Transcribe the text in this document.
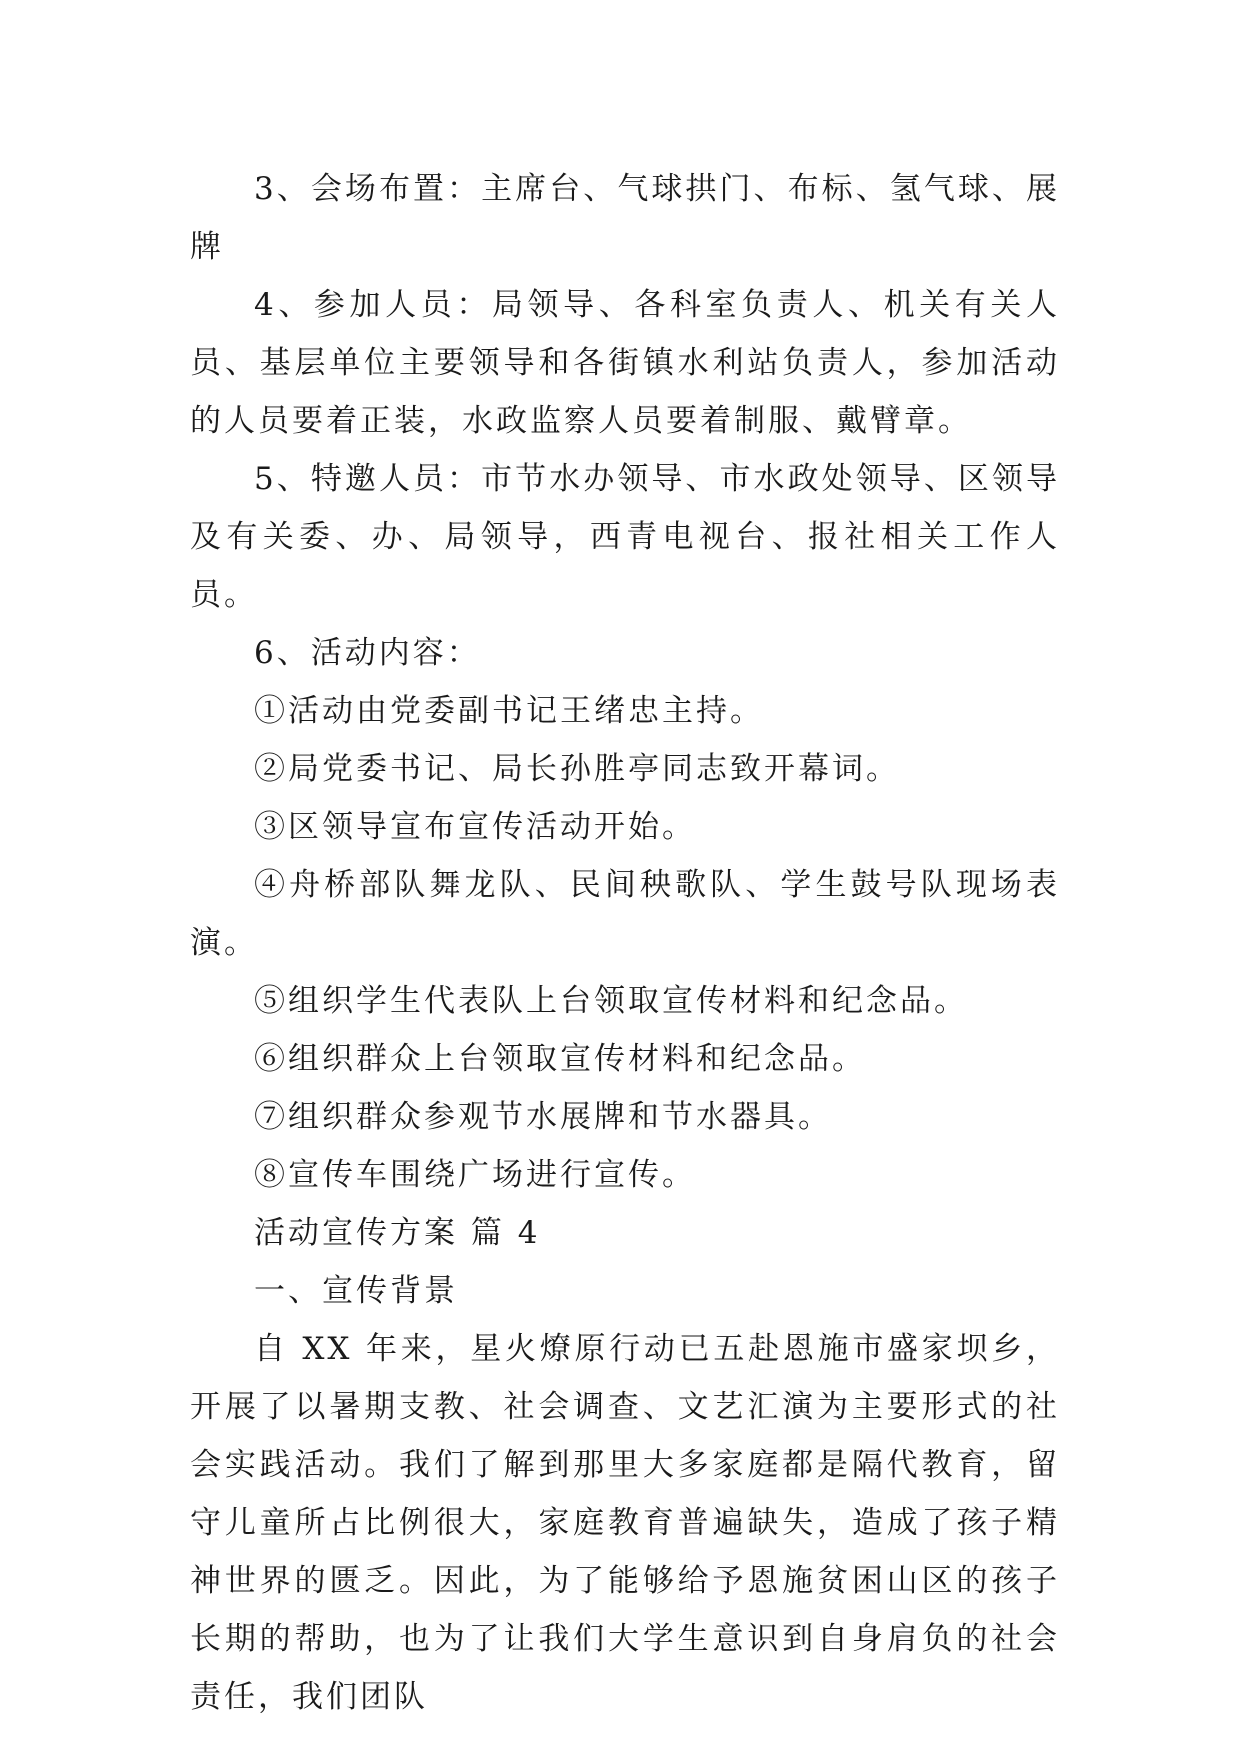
3、会场布置：主席台、气球拱门、布标、氢气球、展牌

4、参加人员：局领导、各科室负责人、机关有关人员、基层单位主要领导和各街镇水利站负责人，参加活动的人员要着正装，水政监察人员要着制服、戴臂章。

5、特邀人员：市节水办领导、市水政处领导、区领导及有关委、办、局领导，西青电视台、报社相关工作人员。

6、活动内容：

①活动由党委副书记王绪忠主持。

②局党委书记、局长孙胜亭同志致开幕词。

③区领导宣布宣传活动开始。

④舟桥部队舞龙队、民间秧歌队、学生鼓号队现场表演。

⑤组织学生代表队上台领取宣传材料和纪念品。

⑥组织群众上台领取宣传材料和纪念品。

⑦组织群众参观节水展牌和节水器具。

⑧宣传车围绕广场进行宣传。

活动宣传方案 篇 4

一、宣传背景

自 XX 年来，星火燎原行动已五赴恩施市盛家坝乡，开展了以暑期支教、社会调查、文艺汇演为主要形式的社会实践活动。我们了解到那里大多家庭都是隔代教育，留守儿童所占比例很大，家庭教育普遍缺失，造成了孩子精神世界的匮乏。因此，为了能够给予恩施贫困山区的孩子长期的帮助，也为了让我们大学生意识到自身肩负的社会责任，我们团队
